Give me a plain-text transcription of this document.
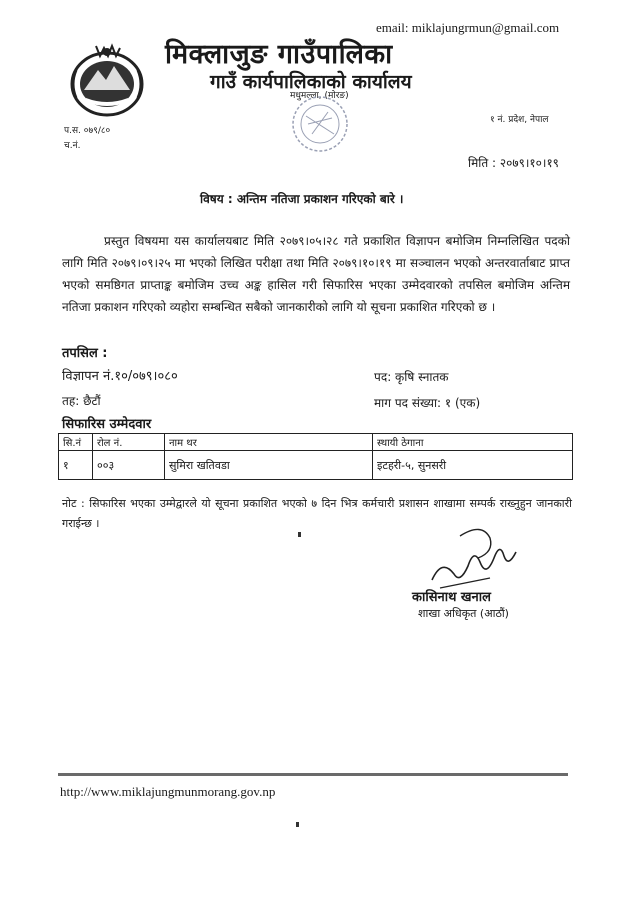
email: miklajungrmun@gmail.com
मिक्लाजुङ गाउँपालिका
गाउँ कार्यपालिकाको कार्यालय
मधुमल्ला, (मोरङ)
१ नं. प्रदेश, नेपाल
प.स. ०७९/८०
च.नं.
मिति : २०७९।१०।१९
विषय : अन्तिम नतिजा प्रकाशन गरिएको बारे ।
प्रस्तुत विषयमा यस कार्यालयबाट मिति २०७९।०५।२८ गते प्रकाशित विज्ञापन बमोजिम निम्नलिखित पदको लागि मिति २०७९।०९।२५ मा भएको लिखित परीक्षा तथा मिति २०७९।१०।१९ मा सञ्चालन भएको अन्तरवार्ताबाट प्राप्त भएको समष्ठिगत प्राप्ताङ्क बमोजिम उच्च अङ्क हासिल गरी सिफारिस भएका उम्मेदवारको तपसिल बमोजिम अन्तिम नतिजा प्रकाशन गरिएको व्यहोरा सम्बन्धित सबैको जानकारीको लागि यो सूचना प्रकाशित गरिएको छ ।
तपसिल :
विज्ञापन नं.१०/०७९।०८०	पद: कृषि स्नातक
तह: छैटौं	माग पद संख्या: १ (एक)
सिफारिस उम्मेदवार
सि.नं	रोल नं.	नाम थर	स्थायी ठेगाना
१	००३	सुमिरा खतिवडा	इटहरी-५, सुनसरी
नोट : सिफारिस भएका उम्मेद्वारले यो सूचना प्रकाशित भएको ७ दिन भित्र कर्मचारी प्रशासन शाखामा सम्पर्क राख्नुहुन जानकारी गराईन्छ ।
कासिनाथ खनाल
शाखा अधिकृत (आठौं)
http://www.miklajungmunmorang.gov.np
